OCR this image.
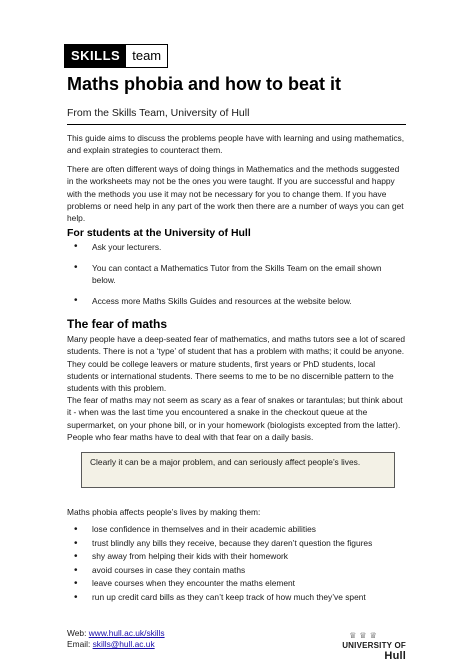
SKILLS team
Maths phobia and how to beat it
From the Skills Team, University of Hull
This guide aims to discuss the problems people have with learning and using mathematics, and explain strategies to counteract them.
There are often different ways of doing things in Mathematics and the methods suggested in the worksheets may not be the ones you were taught. If you are successful and happy with the methods you use it may not be necessary for you to change them. If you have problems or need help in any part of the work then there are a number of ways you can get help.
For students at the University of Hull
• Ask your lecturers.
• You can contact a Mathematics Tutor from the Skills Team on the email shown below.
• Access more Maths Skills Guides and resources at the website below.
The fear of maths
Many people have a deep-seated fear of mathematics, and maths tutors see a lot of scared students. There is not a ‘type’ of student that has a problem with maths; it could be anyone. They could be college leavers or mature students, first years or PhD students, local students or international students. There seems to me to be no discernible pattern to the students with this problem.
The fear of maths may not seem as scary as a fear of snakes or tarantulas; but think about it - when was the last time you encountered a snake in the checkout queue at the supermarket, on your phone bill, or in your homework (biologists excepted from the latter). People who fear maths have to deal with that fear on a daily basis.
Clearly it can be a major problem, and can seriously affect people’s lives.
Maths phobia affects people’s lives by making them:
• lose confidence in themselves and in their academic abilities
• trust blindly any bills they receive, because they daren’t question the figures
• shy away from helping their kids with their homework
• avoid courses in case they contain maths
• leave courses when they encounter the maths element
• run up credit card bills as they can’t keep track of how much they’ve spent
Web: www.hull.ac.uk/skills
Email: skills@hull.ac.uk
♕ ♕ ♕
UNIVERSITY OF Hull
